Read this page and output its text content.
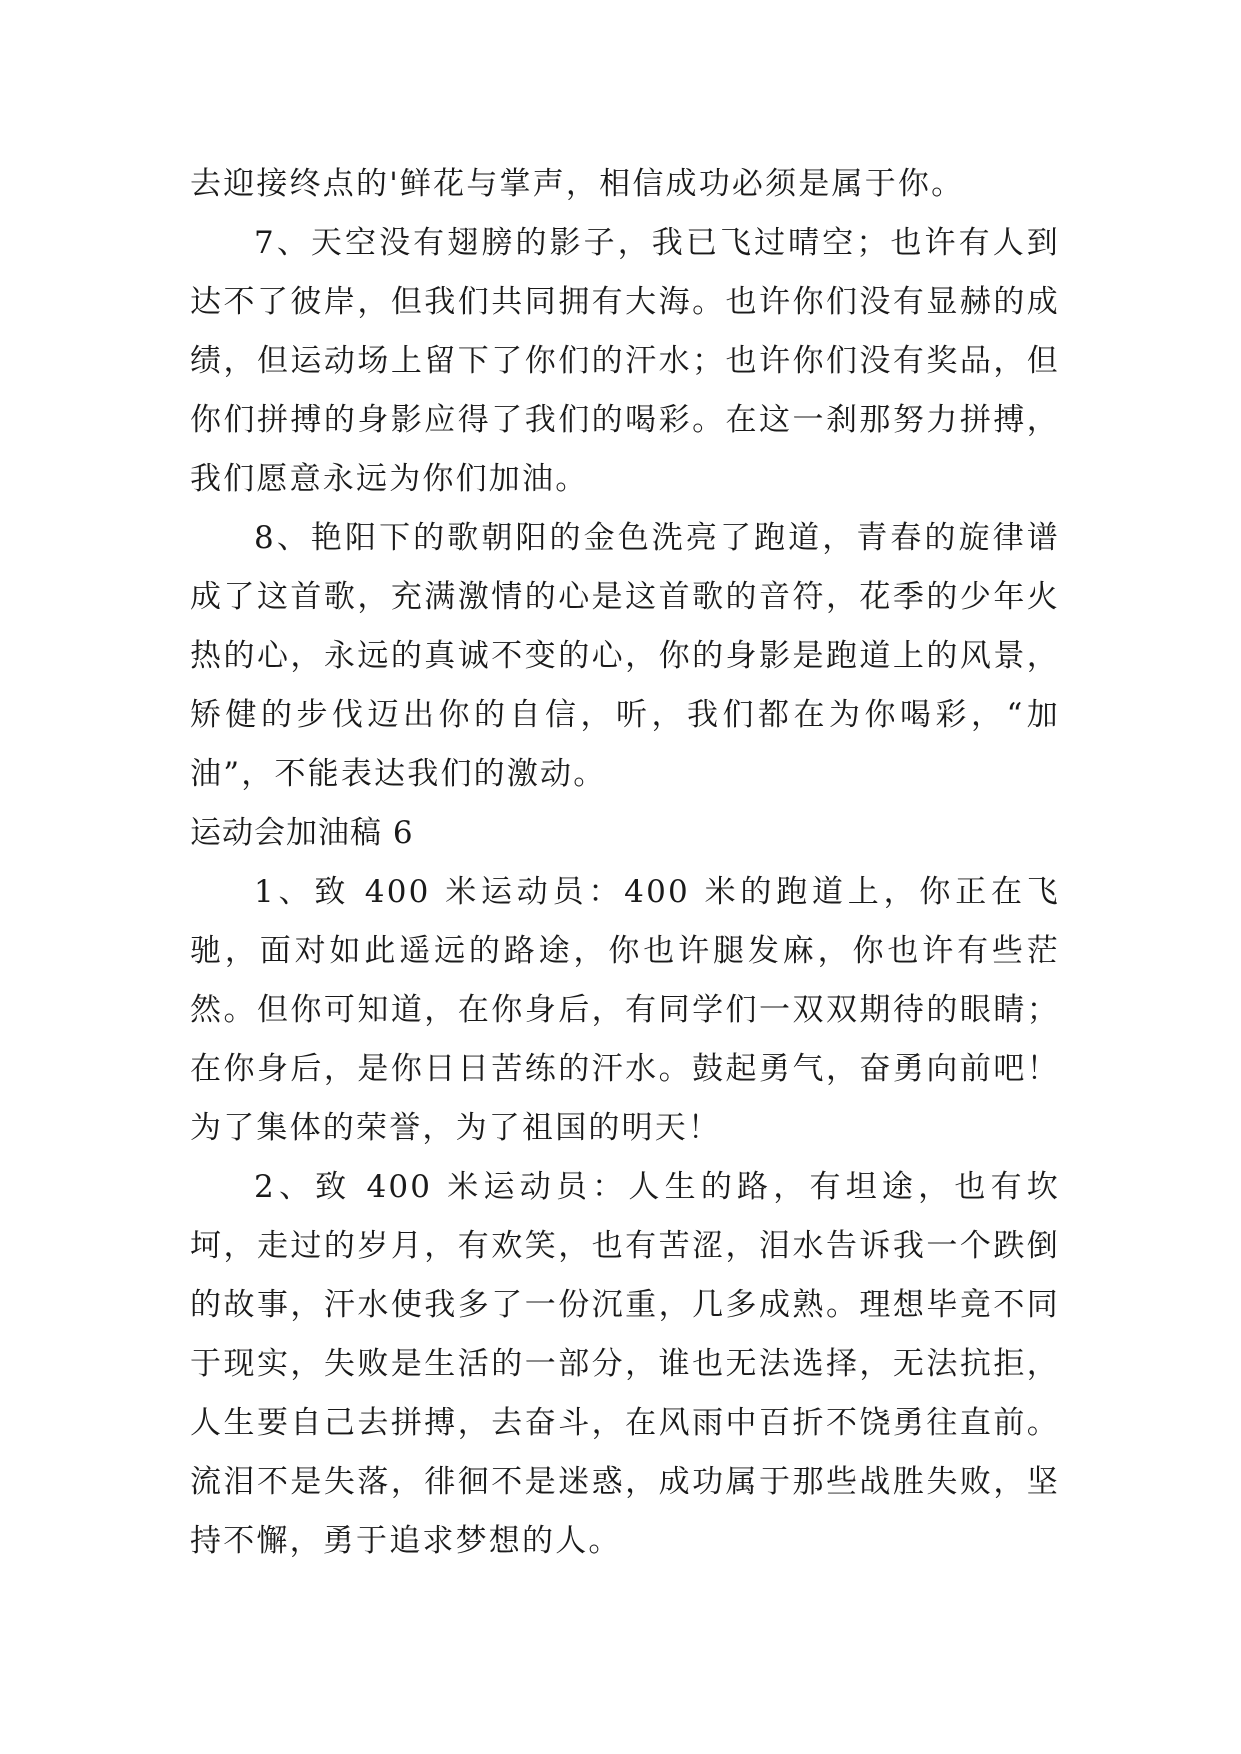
去迎接终点的'鲜花与掌声，相信成功必须是属于你。

7、天空没有翅膀的影子，我已飞过晴空；也许有人到达不了彼岸，但我们共同拥有大海。也许你们没有显赫的成绩，但运动场上留下了你们的汗水；也许你们没有奖品，但你们拼搏的身影应得了我们的喝彩。在这一刹那努力拼搏，我们愿意永远为你们加油。

8、艳阳下的歌朝阳的金色洗亮了跑道，青春的旋律谱成了这首歌，充满激情的心是这首歌的音符，花季的少年火热的心，永远的真诚不变的心，你的身影是跑道上的风景，矫健的步伐迈出你的自信，听，我们都在为你喝彩，“加油”，不能表达我们的激动。

运动会加油稿 6

1、致 400 米运动员：400 米的跑道上，你正在飞驰，面对如此遥远的路途，你也许腿发麻，你也许有些茫然。但你可知道，在你身后，有同学们一双双期待的眼睛；在你身后，是你日日苦练的汗水。鼓起勇气，奋勇向前吧！为了集体的荣誉，为了祖国的明天！

2、致 400 米运动员：人生的路，有坦途，也有坎坷，走过的岁月，有欢笑，也有苦涩，泪水告诉我一个跌倒的故事，汗水使我多了一份沉重，几多成熟。理想毕竟不同于现实，失败是生活的一部分，谁也无法选择，无法抗拒，人生要自己去拼搏，去奋斗，在风雨中百折不饶勇往直前。流泪不是失落，徘徊不是迷惑，成功属于那些战胜失败，坚持不懈，勇于追求梦想的人。
